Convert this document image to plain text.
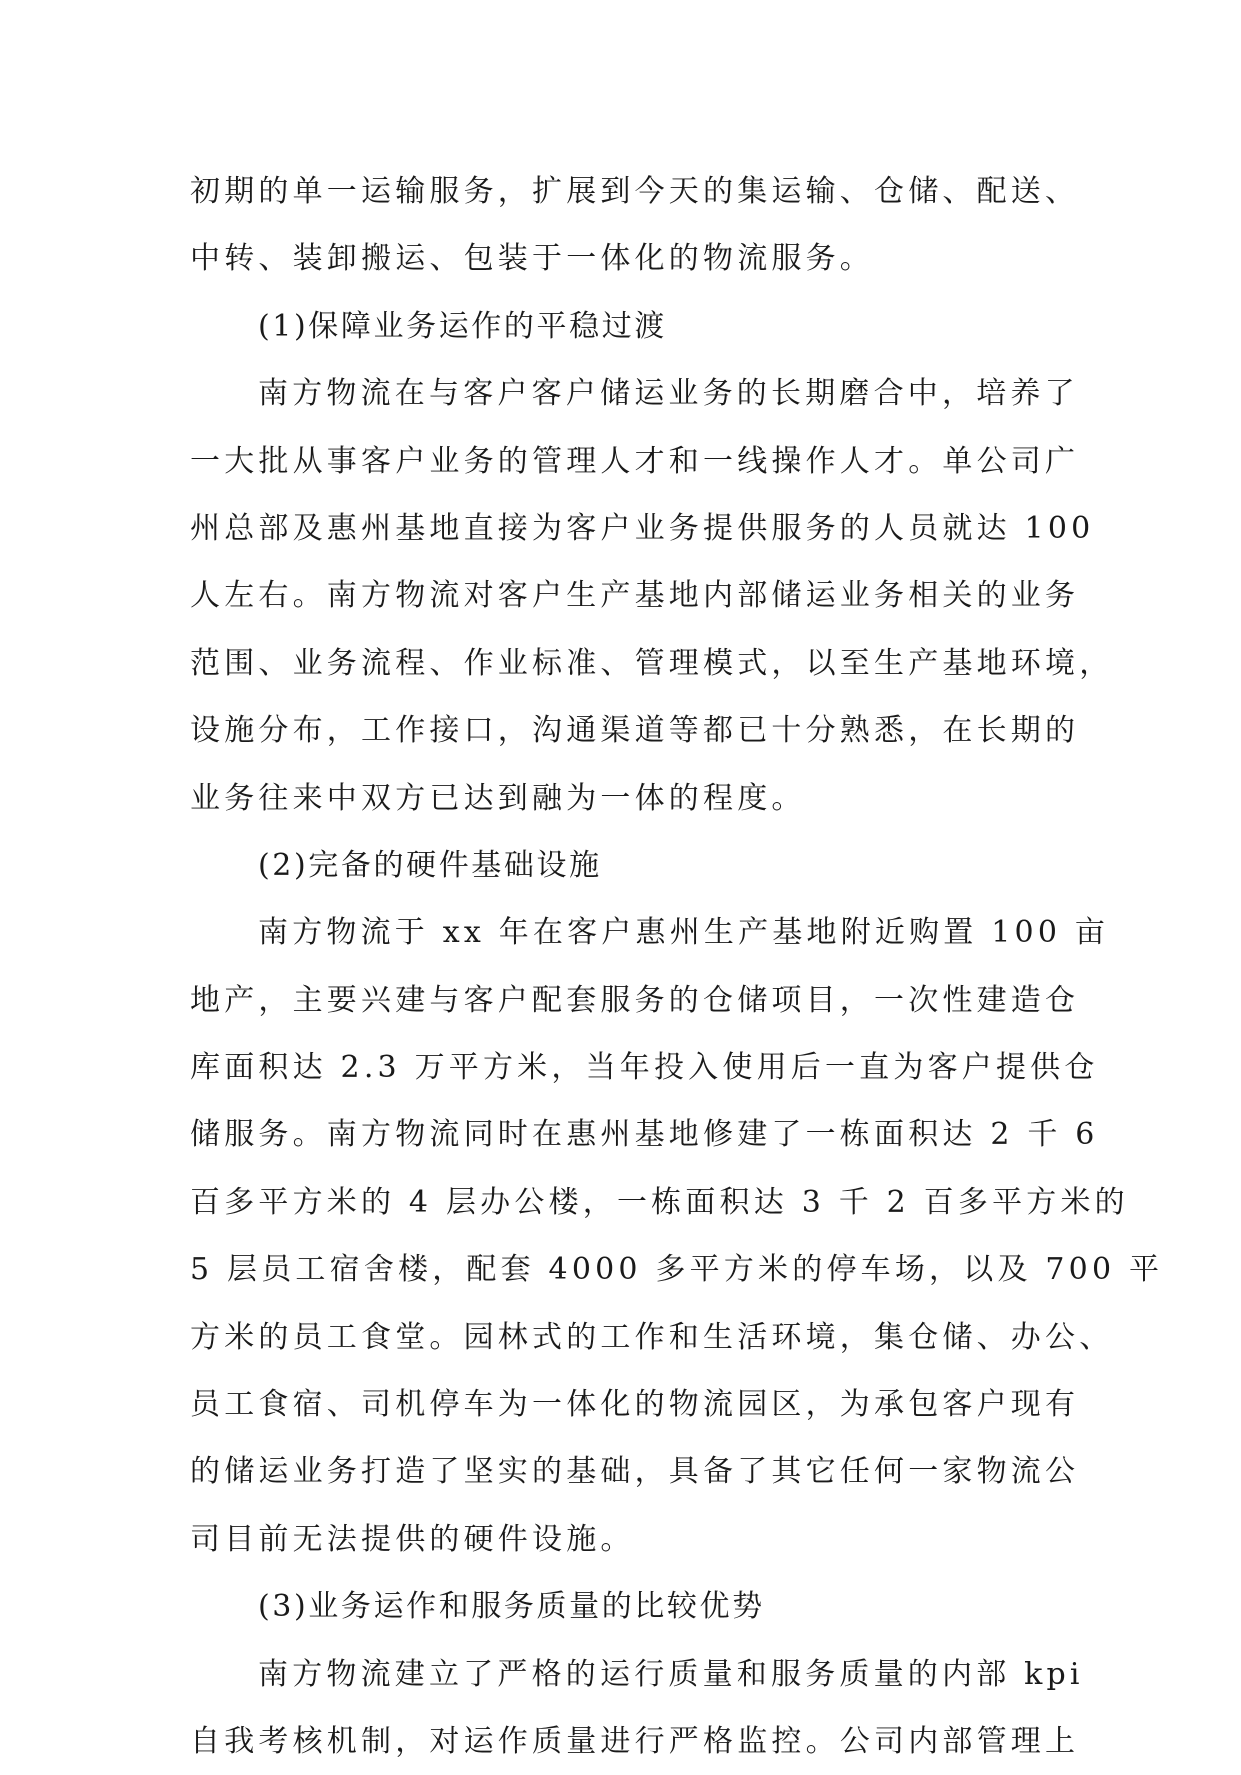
初期的单一运输服务，扩展到今天的集运输、仓储、配送、
中转、装卸搬运、包装于一体化的物流服务。
(1)保障业务运作的平稳过渡
南方物流在与客户客户储运业务的长期磨合中，培养了
一大批从事客户业务的管理人才和一线操作人才。单公司广
州总部及惠州基地直接为客户业务提供服务的人员就达 100
人左右。南方物流对客户生产基地内部储运业务相关的业务
范围、业务流程、作业标准、管理模式，以至生产基地环境，
设施分布，工作接口，沟通渠道等都已十分熟悉，在长期的
业务往来中双方已达到融为一体的程度。
(2)完备的硬件基础设施
南方物流于 xx 年在客户惠州生产基地附近购置 100 亩
地产，主要兴建与客户配套服务的仓储项目，一次性建造仓
库面积达 2.3 万平方米，当年投入使用后一直为客户提供仓
储服务。南方物流同时在惠州基地修建了一栋面积达 2 千 6
百多平方米的 4 层办公楼，一栋面积达 3 千 2 百多平方米的
5 层员工宿舍楼，配套 4000 多平方米的停车场，以及 700 平
方米的员工食堂。园林式的工作和生活环境，集仓储、办公、
员工食宿、司机停车为一体化的物流园区，为承包客户现有
的储运业务打造了坚实的基础，具备了其它任何一家物流公
司目前无法提供的硬件设施。
(3)业务运作和服务质量的比较优势
南方物流建立了严格的运行质量和服务质量的内部 kpi
自我考核机制，对运作质量进行严格监控。公司内部管理上
